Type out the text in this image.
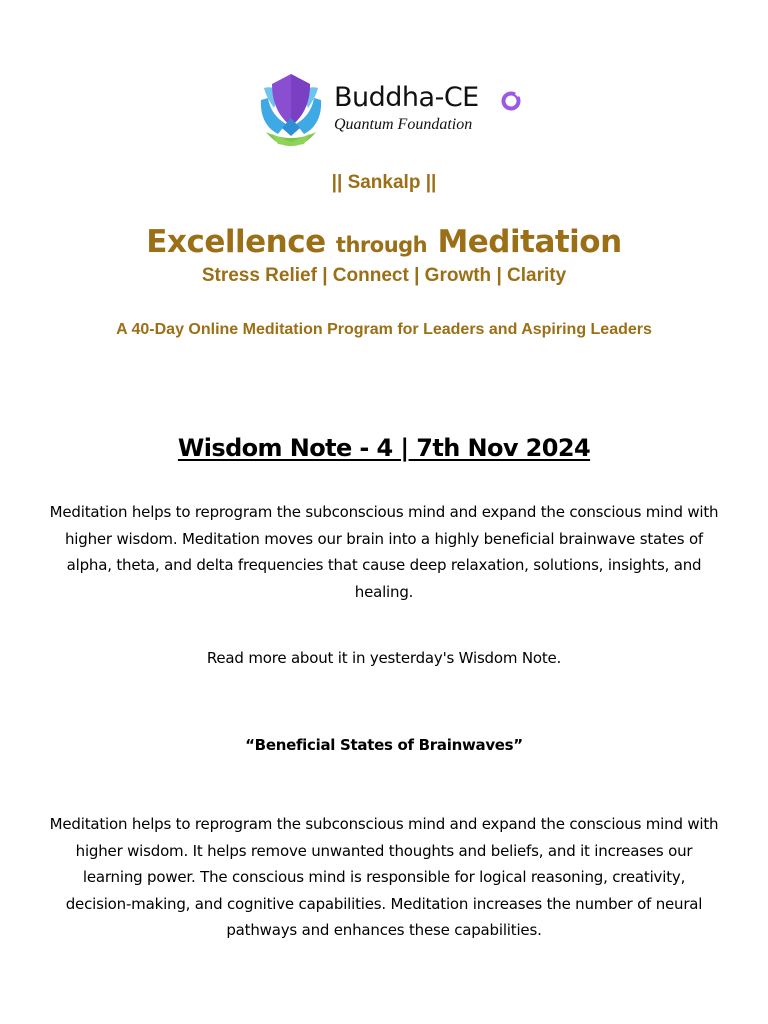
Buddha-CE
Quantum Foundation
|| Sankalp ||
Excellence through Meditation
Stress Relief | Connect | Growth | Clarity
A 40-Day Online Meditation Program for Leaders and Aspiring Leaders
Wisdom Note - 4 | 7th Nov 2024
Meditation helps to reprogram the subconscious mind and expand the conscious mind with
higher wisdom. Meditation moves our brain into a highly beneficial brainwave states of
alpha, theta, and delta frequencies that cause deep relaxation, solutions, insights, and
healing.
Read more about it in yesterday's Wisdom Note.
“Beneficial States of Brainwaves”
Meditation helps to reprogram the subconscious mind and expand the conscious mind with
higher wisdom. It helps remove unwanted thoughts and beliefs, and it increases our
learning power. The conscious mind is responsible for logical reasoning, creativity,
decision-making, and cognitive capabilities. Meditation increases the number of neural
pathways and enhances these capabilities.
